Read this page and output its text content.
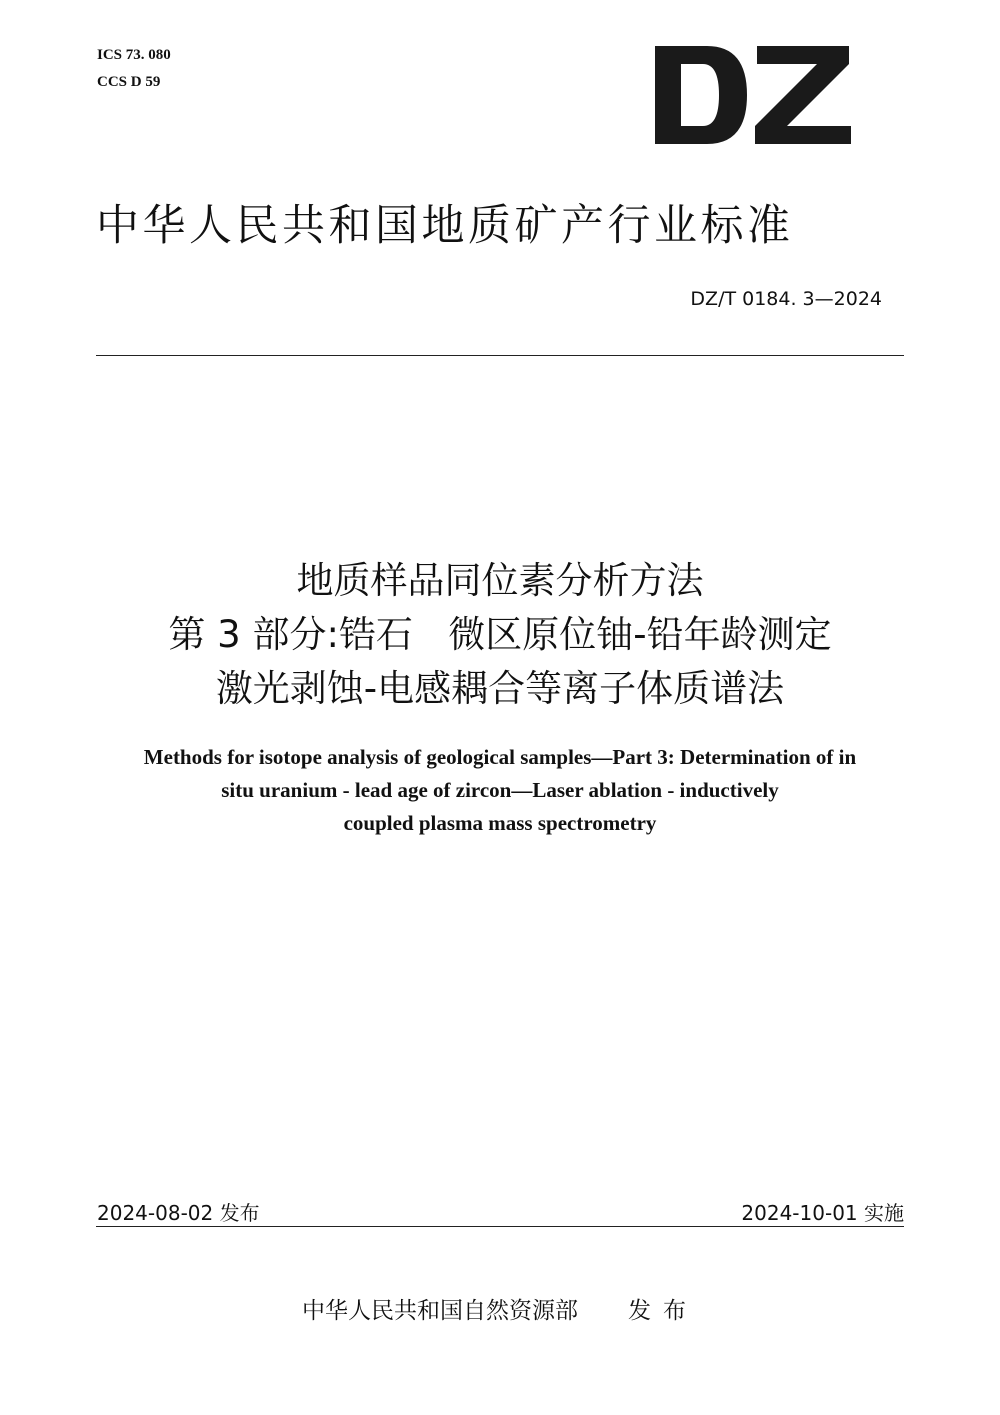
ICS 73. 080
CCS D 59
中华人民共和国地质矿产行业标准
DZ/T 0184. 3—2024
地质样品同位素分析方法
第 3 部分:锆石   微区原位铀-铅年龄测定
激光剥蚀-电感耦合等离子体质谱法
Methods for isotope analysis of geological samples—Part 3: Determination of in
situ uranium - lead age of zircon—Laser ablation - inductively
coupled plasma mass spectrometry
2024-08-02 发布	2024-10-01 实施
中华人民共和国自然资源部 发布
